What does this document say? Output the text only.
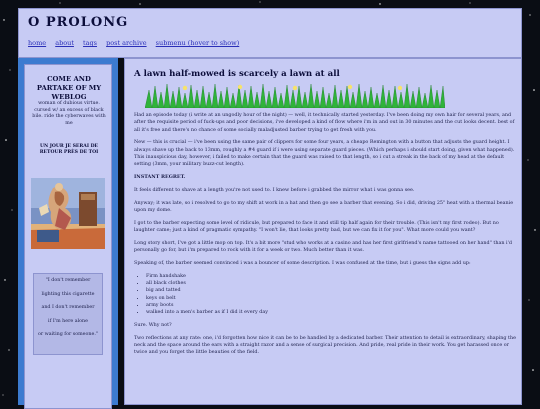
O PROLONG
home about tags post archive submenu (hover to show)
COME AND PARTAKE OF MY WEBLOG
woman of dubious virtue. cursed w/ an excess of black bile. ride the cyberwaves with me
UN JOUR JE SERAI DE RETOUR PRÈS DE TOI

"I don't remember

lighting this cigarette

and I don't remember

if I'm here alone

or waiting for someone."

A lawn half-mowed is scarcely a lawn at all

Had an episode today (i write at an ungodly hour of the night) — well, it technically started yesterday. I've been doing my own hair for several years, and after the requisite period of fuck-ups and poor decisions, i've developed a kind of flow where i'm in and out in 30 minutes and the cut looks decent. best of all it's free and there's no chance of some socially maladjusted barber trying to get fresh with you.

New — this is crucial — i've been using the same pair of clippers for some four years, a cheapo Remington with a button that adjusts the guard height. I always shave up the back to 13mm, roughly a #4 guard if i were using separate guard pieces. (Which perhaps i should start doing, given what happened). This inauspicious day, however, i failed to make certain that the guard was raised to that length, so i cut a streak in the back of my head at the default setting (3mm, your military buzz-cut length).

INSTANT REGRET.

It feels different to shave at a length you're not used to. I knew before i grabbed the mirror what i was gonna see.

Anyway; it was late, so i resolved to go to my shift at work in a hat and then go see a barber that evening. So i did, driving 25" heat with a thermal beanie upon my dome.

I got to the barber expecting some level of ridicule, but prepared to face it and still tip half again for their trouble. (This isn't my first rodeo). But no laughter came; just a kind of pragmatic sympathy. "I won't lie, that looks pretty bad, but we can fix it for you". What more could you want?

Long story short, I've got a little mop on top. It's a bit more "stud who works at a casino and has her first girlfriend's name tattooed on her hand" than i'd personally go for, but i'm prepared to rock with it for a week or two. Much better than it was.

Speaking of, the barber seemed convinced i was a bouncer of some description. I was confused at the time, but i guess the signs add up:

• Firm handshake
• all black clothes
• big and tatted
• keys on belt
• army boots
• walked into a men's barber as if I did it every day

Sure. Why not?

Two reflections at any rate: one, i'd forgotten how nice it can be to be handled by a dedicated barber. Their attention to detail is extraordinary, shaping the neck and the space around the ears with a straight razor and a sense of surgical precision. And pride, real pride in their work. You get harassed once or twice and you forget the little beauties of the field.
